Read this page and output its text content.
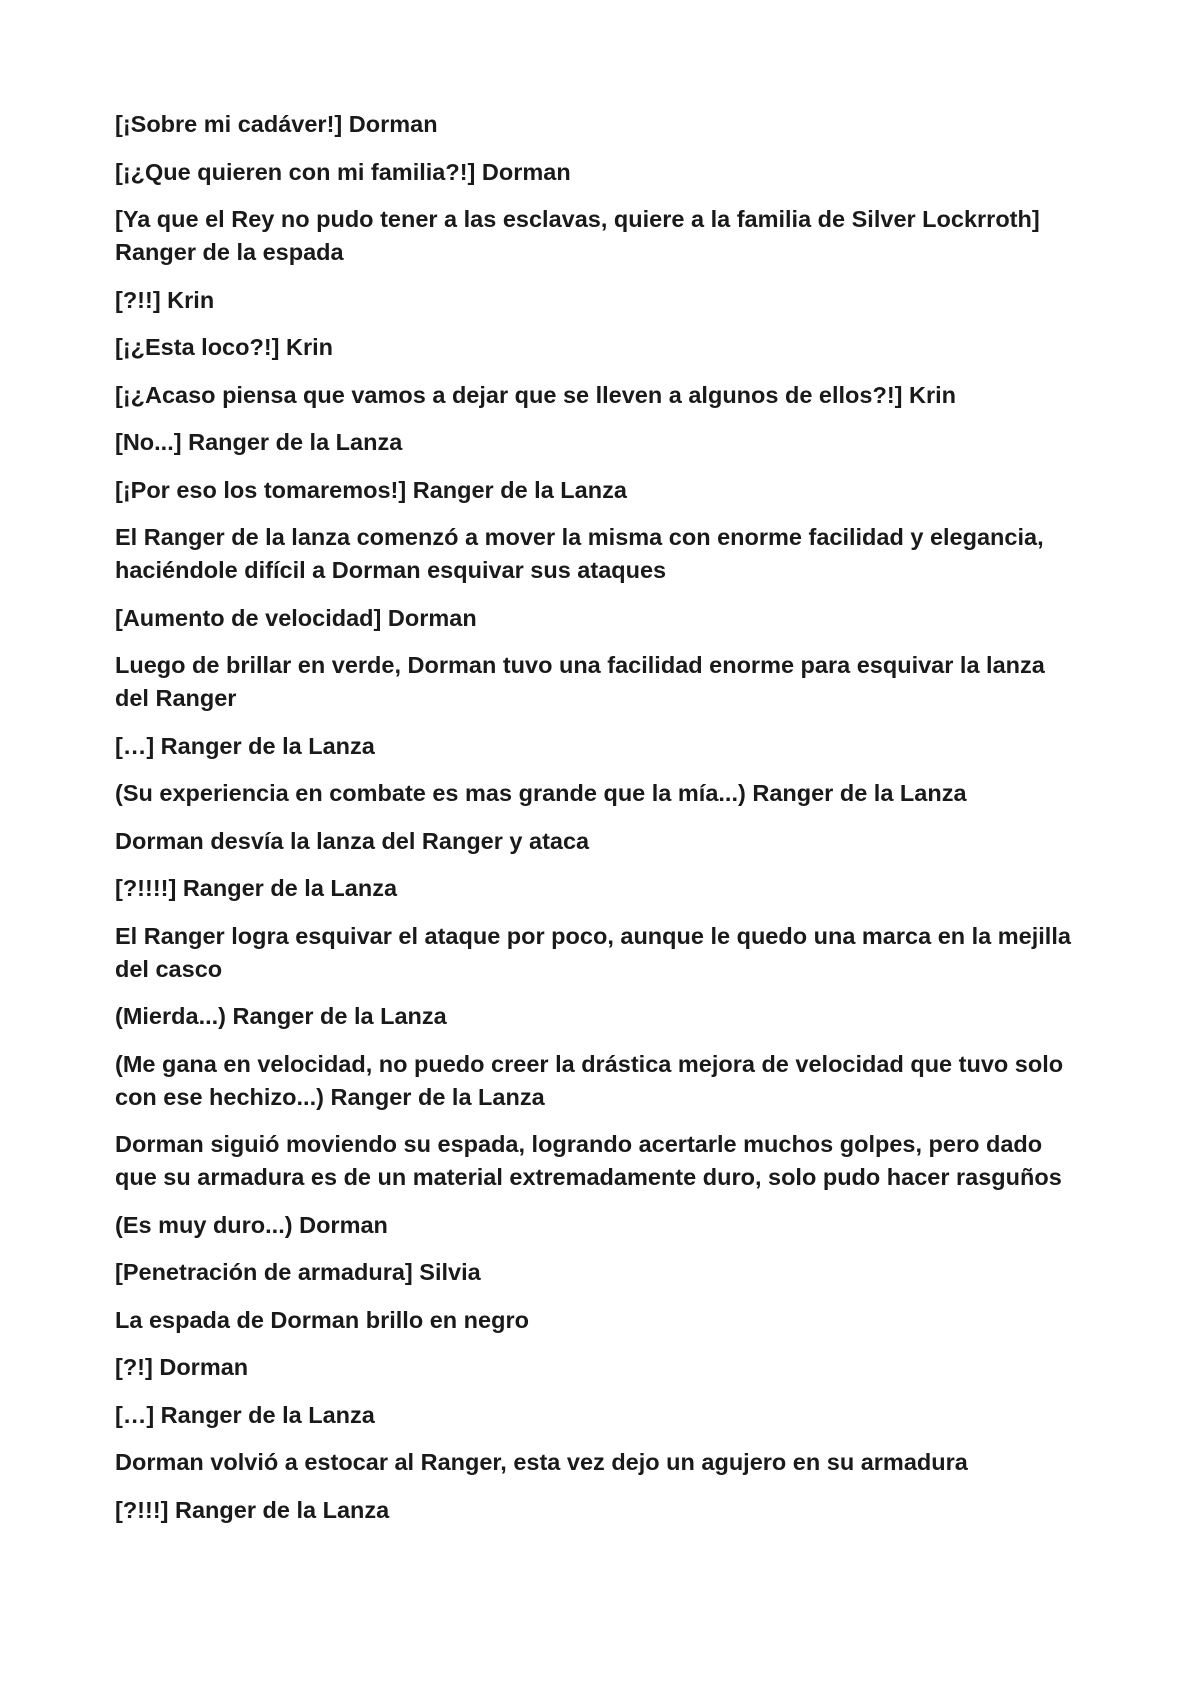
[¡Sobre mi cadáver!] Dorman

[¡¿Que quieren con mi familia?!] Dorman

[Ya que el Rey no pudo tener a las esclavas, quiere a la familia de Silver Lockrroth] Ranger de la espada

[?!!] Krin

[¡¿Esta loco?!] Krin

[¡¿Acaso piensa que vamos a dejar que se lleven a algunos de ellos?!] Krin

[No...] Ranger de la Lanza

[¡Por eso los tomaremos!] Ranger de la Lanza

El Ranger de la lanza comenzó a mover la misma con enorme facilidad y elegancia, haciéndole difícil a Dorman esquivar sus ataques

[Aumento de velocidad] Dorman

Luego de brillar en verde, Dorman tuvo una facilidad enorme para esquivar la lanza del Ranger

[…] Ranger de la Lanza

(Su experiencia en combate es mas grande que la mía...) Ranger de la Lanza

Dorman desvía la lanza del Ranger y ataca

[?!!!!] Ranger de la Lanza

El Ranger logra esquivar el ataque por poco, aunque le quedo una marca en la mejilla del casco

(Mierda...) Ranger de la Lanza

(Me gana en velocidad, no puedo creer la drástica mejora de velocidad que tuvo solo con ese hechizo...) Ranger de la Lanza

Dorman siguió moviendo su espada, logrando acertarle muchos golpes, pero dado que su armadura es de un material extremadamente duro, solo pudo hacer rasguños

(Es muy duro...) Dorman

[Penetración de armadura] Silvia

La espada de Dorman brillo en negro

[?!] Dorman

[…] Ranger de la Lanza

Dorman volvió a estocar al Ranger, esta vez dejo un agujero en su armadura

[?!!!] Ranger de la Lanza
